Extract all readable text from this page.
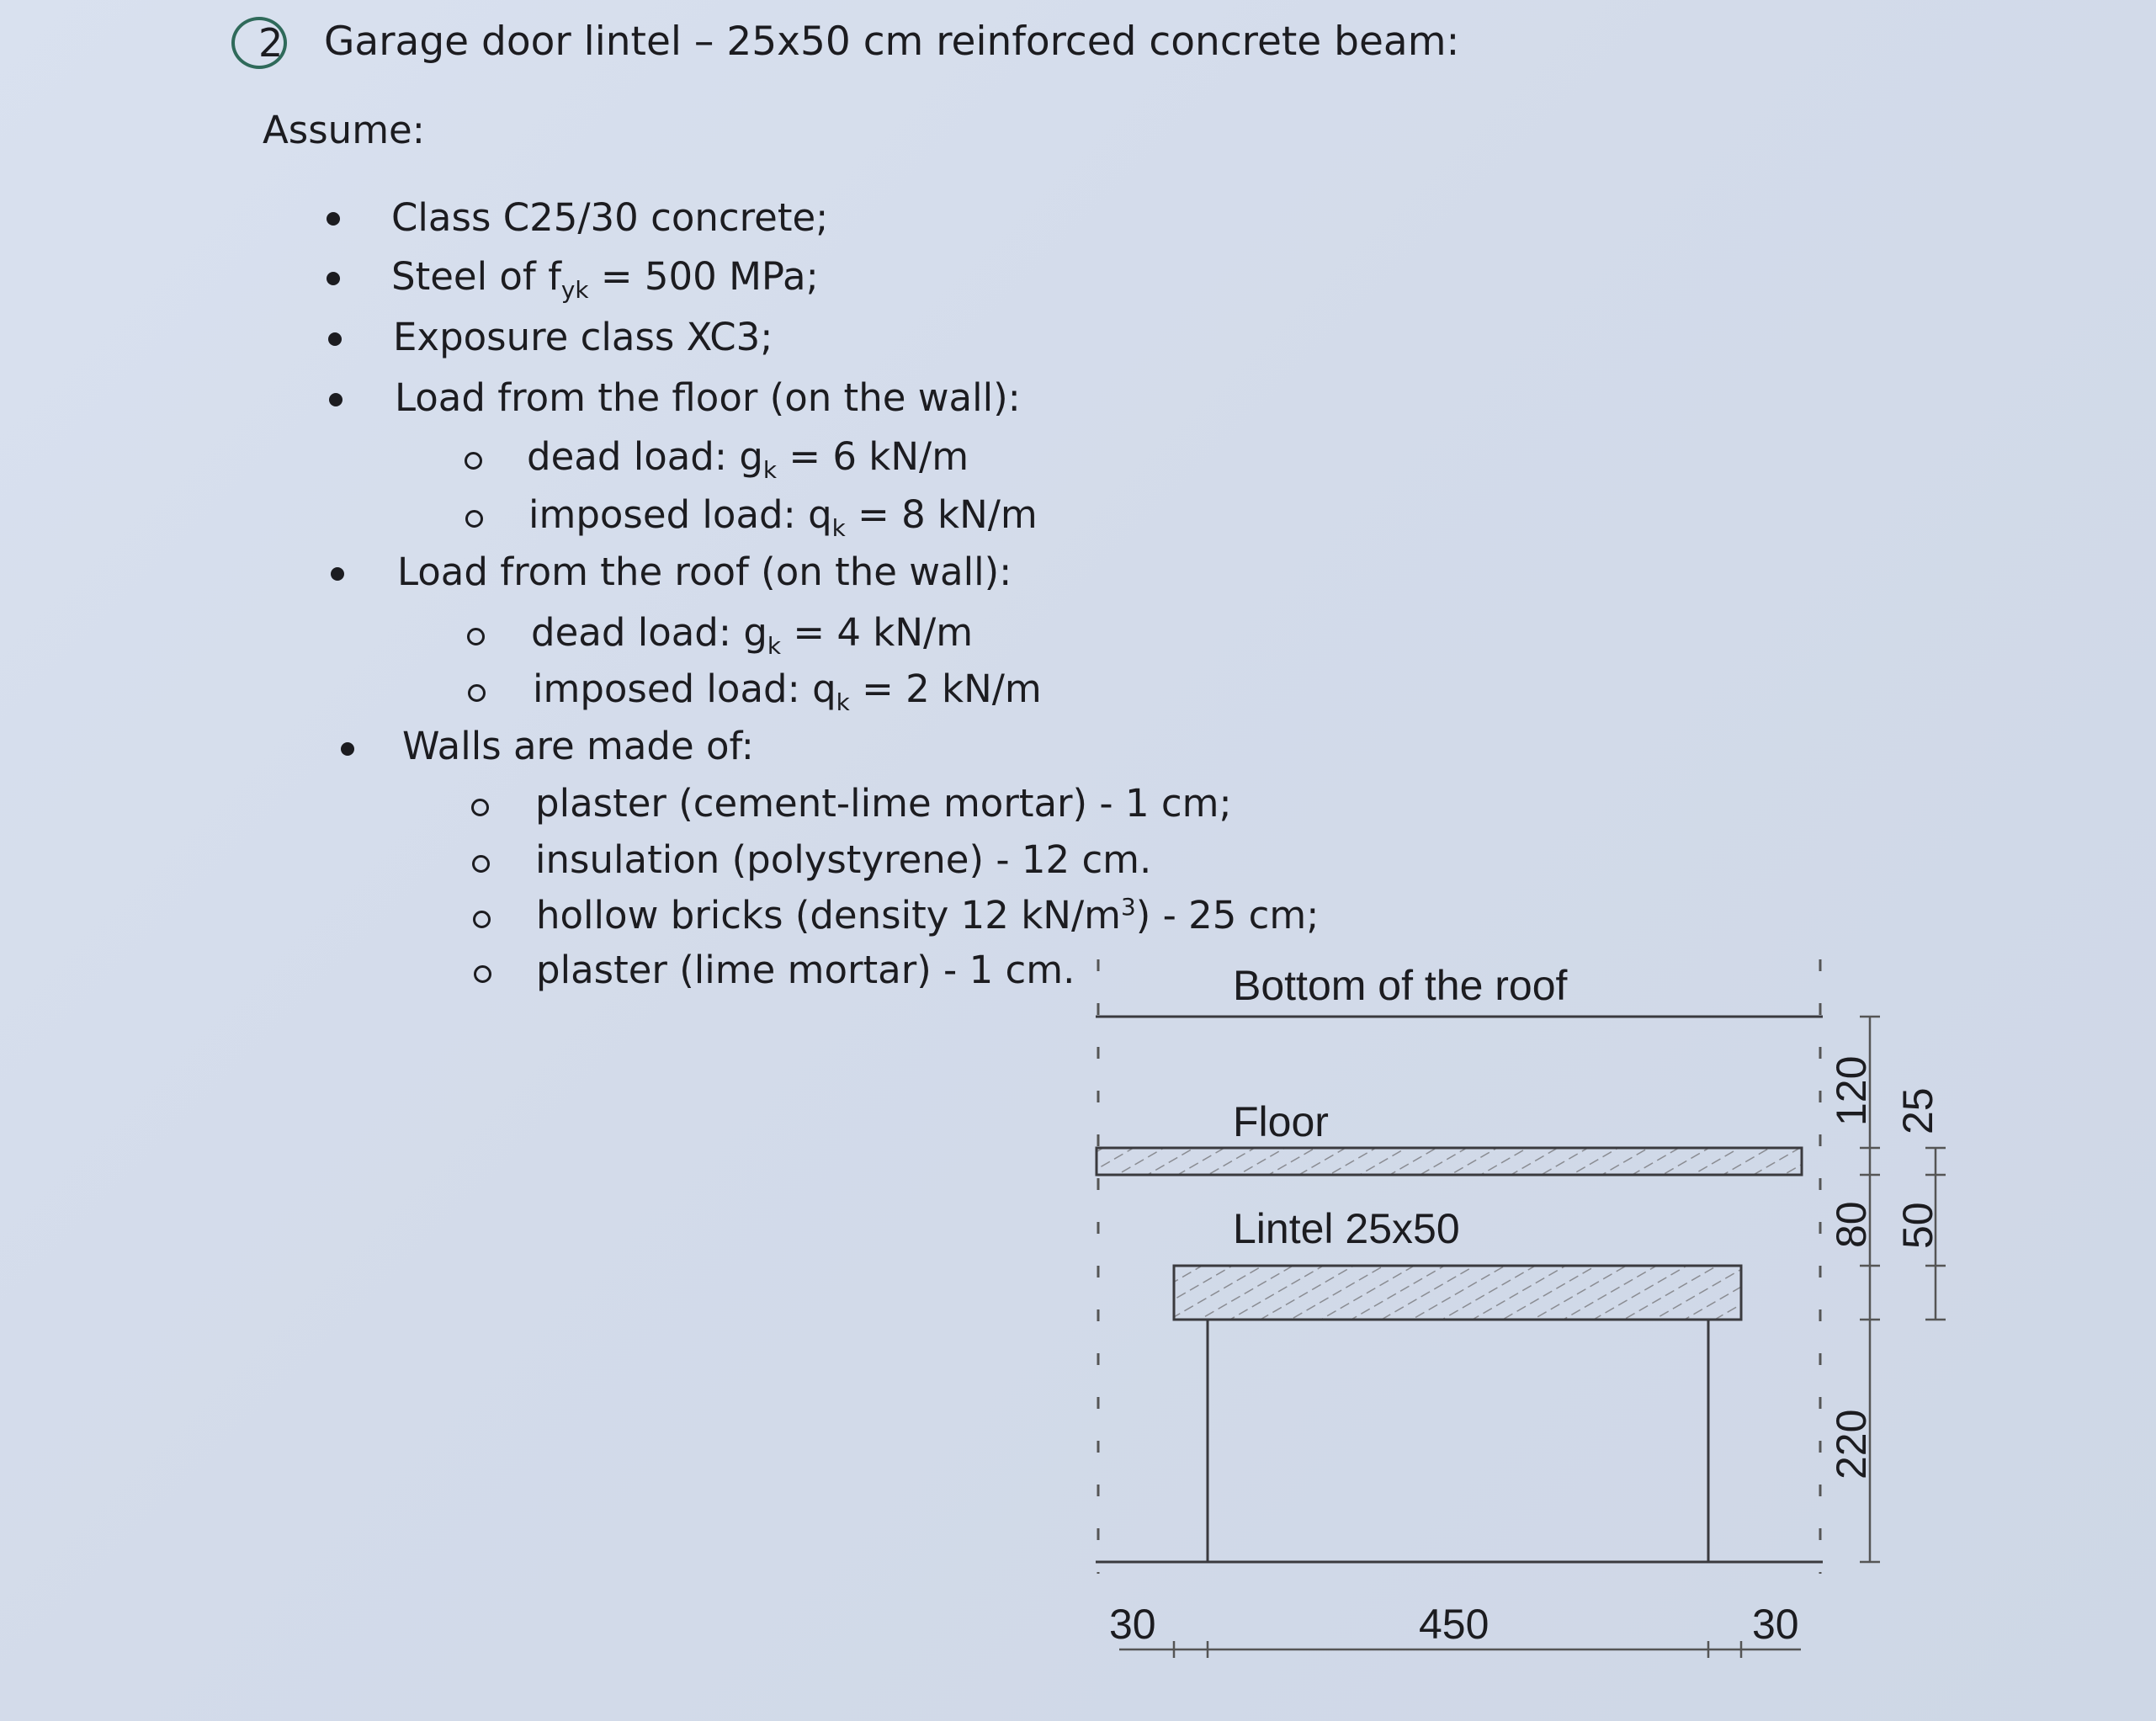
2 Garage door lintel – 25x50 cm reinforced concrete beam:
Assume:
Class C25/30 concrete;
Steel of $f_{yk} = 500$ MPa;
Exposure class XC3;
Load from the floor (on the wall):
dead load: $g_k = 6$ kN/m
imposed load: $q_k = 8$ kN/m
Load from the roof (on the wall):
dead load: $g_k = 4$ kN/m
imposed load: $q_k = 2$ kN/m
Walls are made of:
plaster (cement-lime mortar) - 1 cm;
insulation (polystyrene) - 12 cm.
hollow bricks (density 12 $kN/m^3) - 25$ cm;
plaster (lime mortar) - 1 cm.	Bottom of the roof
Floor
Lintel 25x50
30	450	30
120
80
220
25
50
